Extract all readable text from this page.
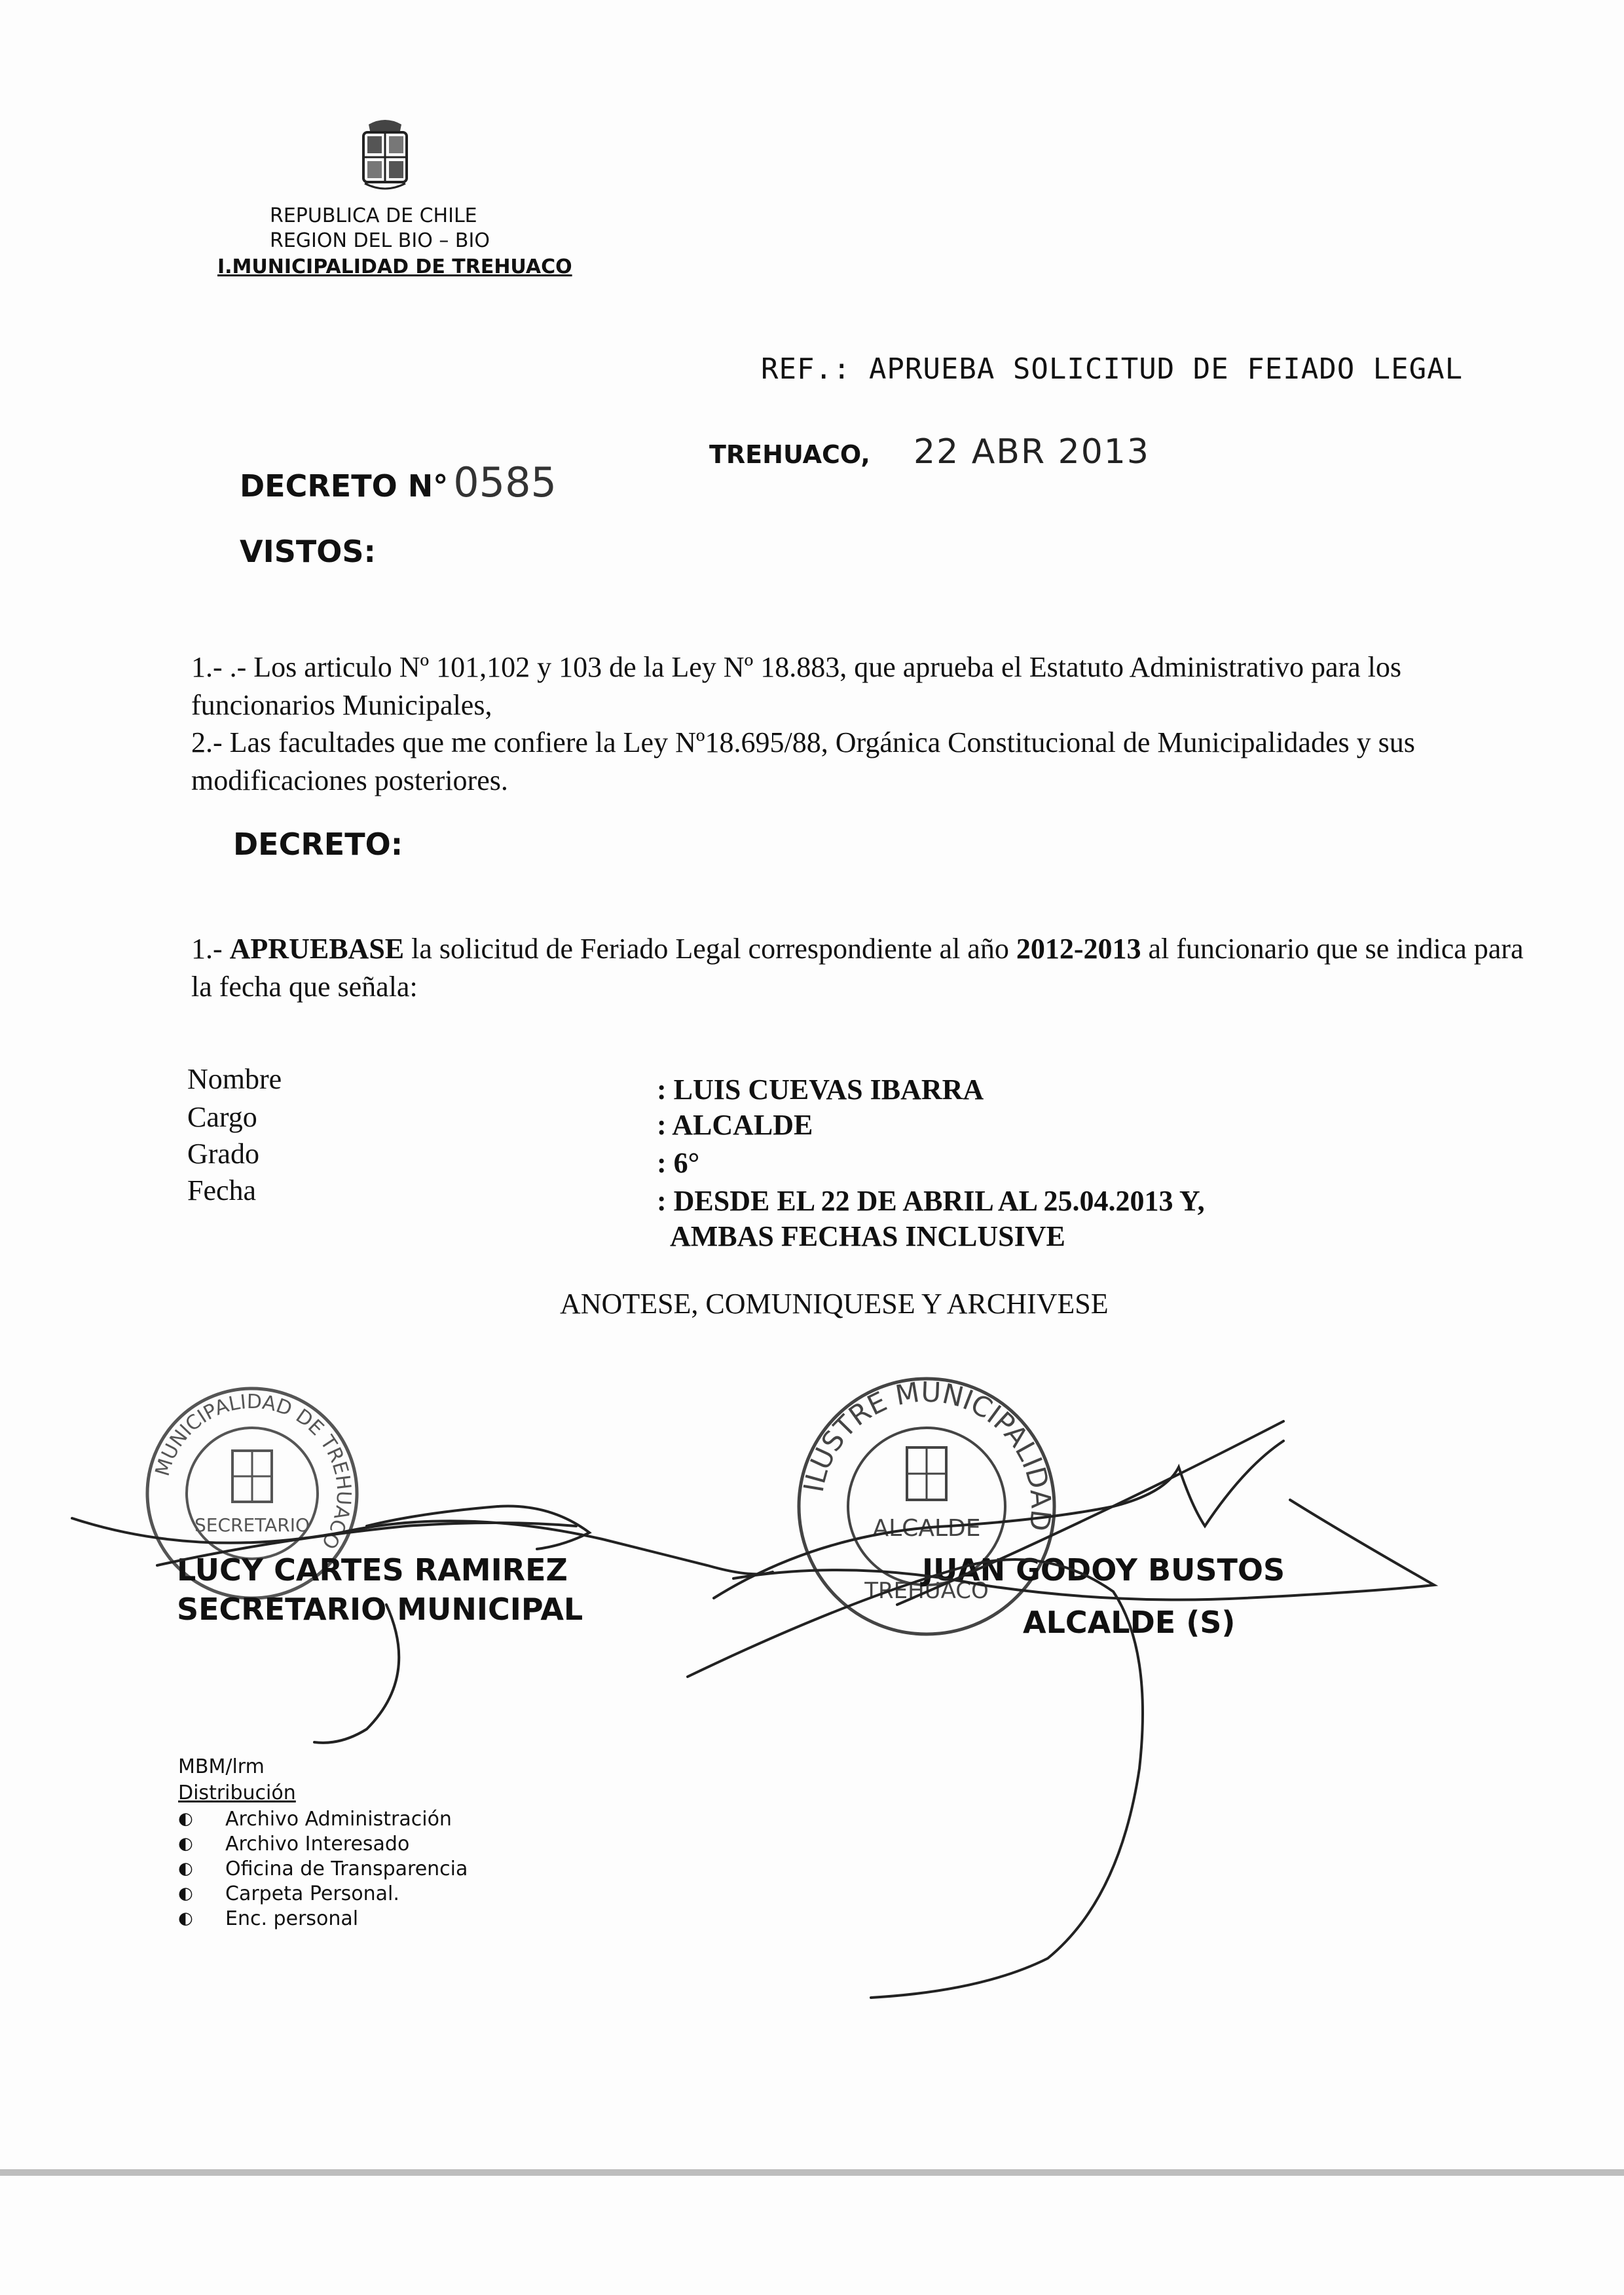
REPUBLICA DE CHILE
REGION DEL BIO – BIO
I.MUNICIPALIDAD DE TREHUACO
REF.: APRUEBA SOLICITUD DE FEIADO LEGAL
DECRETO N° 0585
TREHUACO, 22 ABR 2013
VISTOS:
1.- .- Los articulo Nº 101,102 y 103 de la Ley Nº 18.883, que aprueba el Estatuto Administrativo para los funcionarios Municipales,
2.- Las facultades que me confiere la Ley Nº18.695/88, Orgánica Constitucional de Municipalidades y sus modificaciones posteriores.
DECRETO:
1.- APRUEBASE la solicitud de Feriado Legal correspondiente al año 2012-2013 al funcionario que se indica para la fecha que señala:
Nombre	: LUIS CUEVAS IBARRA
Cargo	: ALCALDE
Grado	: 6°
Fecha	: DESDE EL 22 DE ABRIL AL 25.04.2013 Y,
AMBAS FECHAS INCLUSIVE
ANOTESE, COMUNIQUESE Y ARCHIVESE
MUNICIPALIDAD DE TREHUACO
SECRETARIO
ILUSTRE MUNICIPALIDAD
ALCALDE
TREHUACO
LUCY CARTES RAMIREZ
SECRETARIO MUNICIPAL
JUAN GODOY BUSTOS
ALCALDE (S)
MBM/lrm
Distribución
◐	Archivo Administración
◐	Archivo Interesado
◐	Oficina de Transparencia
◐	Carpeta Personal.
◐	Enc. personal
